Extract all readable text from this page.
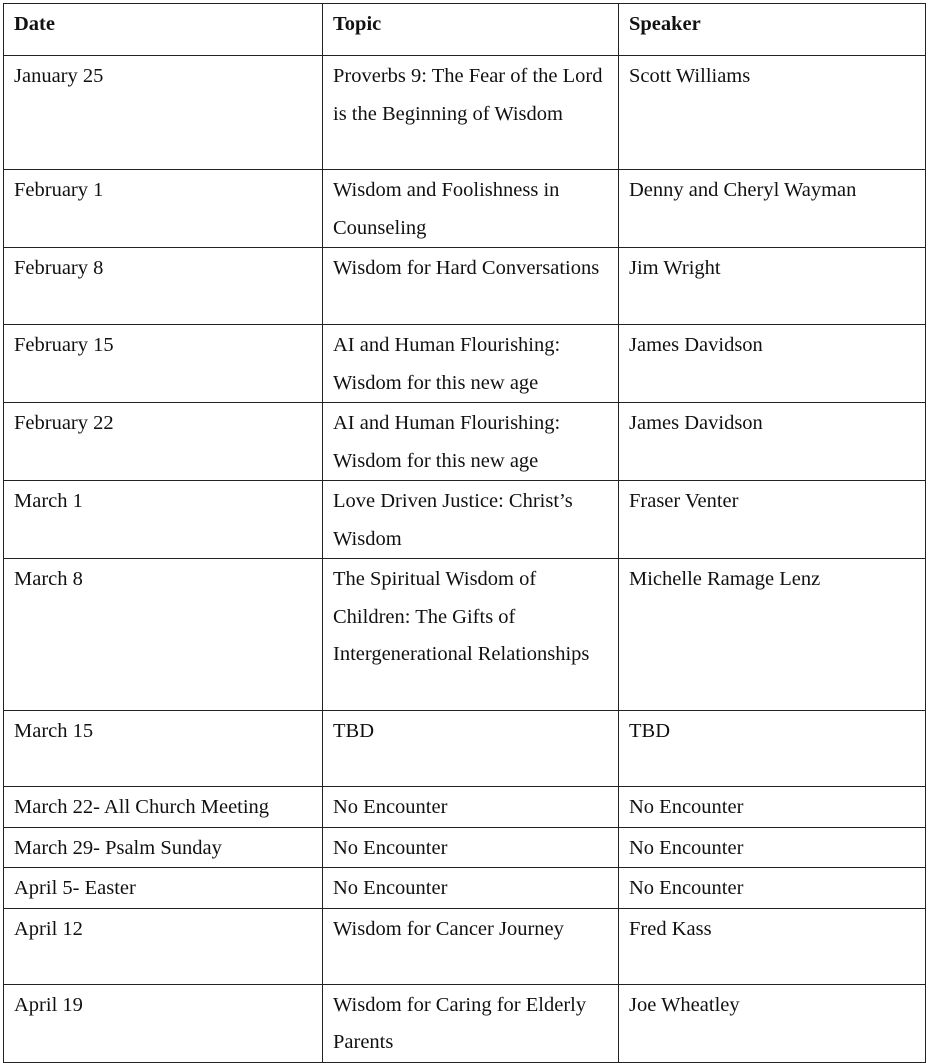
Date	Topic	Speaker
January 25	Proverbs 9: The Fear of the Lord is the Beginning of Wisdom	Scott Williams
February 1	Wisdom and Foolishness in Counseling	Denny and Cheryl Wayman
February 8	Wisdom for Hard Conversations	Jim Wright
February 15	AI and Human Flourishing: Wisdom for this new age	James Davidson
February 22	AI and Human Flourishing: Wisdom for this new age	James Davidson
March 1	Love Driven Justice: Christ’s Wisdom	Fraser Venter
March 8	The Spiritual Wisdom of Children: The Gifts of Intergenerational Relationships	Michelle Ramage Lenz
March 15	TBD	TBD
March 22- All Church Meeting	No Encounter	No Encounter
March 29- Psalm Sunday	No Encounter	No Encounter
April 5- Easter	No Encounter	No Encounter
April 12	Wisdom for Cancer Journey	Fred Kass
April 19	Wisdom for Caring for Elderly Parents	Joe Wheatley
